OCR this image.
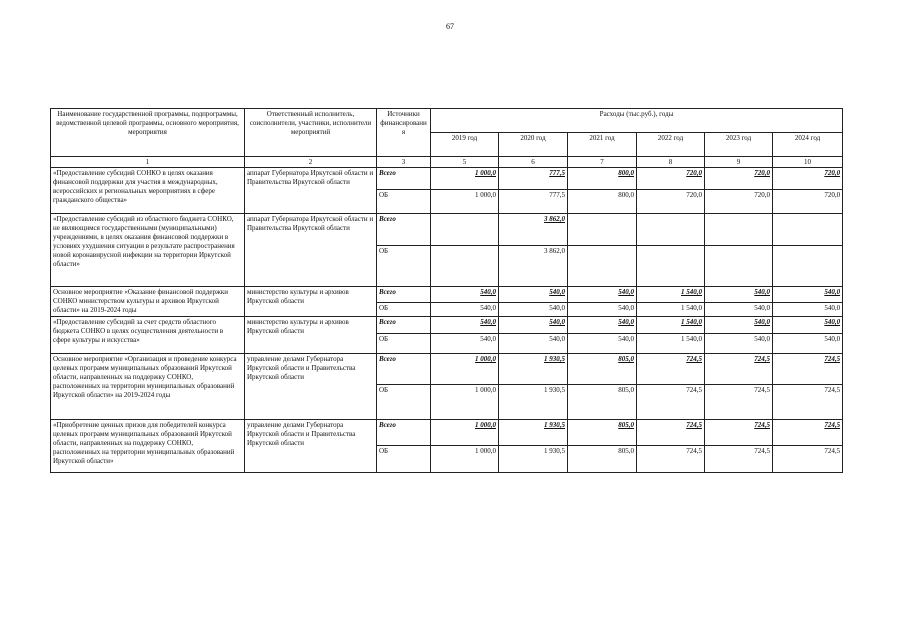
67
Наименование государственной программы, подпрограммы, ведомственной целевой программы, основного мероприятия, мероприятия	Ответственный исполнитель, соисполнители, участники, исполнители мероприятий	Источники финансировани я	Расходы (тыс.руб.), годы					
			2019 год	2020 год	2021 год	2022 год	2023 год	2024 год
1	2	3	5	6	7	8	9	10
«Предоставление субсидий СОНКО в целях оказания финансовой поддержки для участия в международных, всероссийских и региональных мероприятиях в сфере гражданского общества»	аппарат Губернатора Иркутской области и Правительства Иркутской области	Всего	1 000,0	777,5	800,0	720,0	720,0	720,0
		ОБ	1 000,0	777,5	800,0	720,0	720,0	720,0
«Предоставление субсидий из областного бюджета СОНКО, не являющимся государственными (муниципальными) учреждениями, в целях оказания финансовой поддержки в условиях ухудшения ситуации в результате распространения новой коронавирусной инфекции на территории Иркутской области»	аппарат Губернатора Иркутской области и Правительства Иркутской области	Всего		3 862,0				
		ОБ		3 862,0				
Основное мероприятие «Оказание финансовой поддержки СОНКО министерством культуры и архивов Иркутской области» на 2019-2024 годы	министерство культуры и архивов Иркутской области	Всего	540,0	540,0	540,0	1 540,0	540,0	540,0
		ОБ	540,0	540,0	540,0	1 540,0	540,0	540,0
«Предоставление субсидий за счет средств областного бюджета СОНКО в целях осуществления деятельности в сфере культуры и искусства»	министерство культуры и архивов Иркутской области	Всего	540,0	540,0	540,0	1 540,0	540,0	540,0
		ОБ	540,0	540,0	540,0	1 540,0	540,0	540,0
Основное мероприятие «Организация и проведение конкурса целевых программ муниципальных образований Иркутской области, направленных на поддержку СОНКО, расположенных на территории муниципальных образований Иркутской области» на 2019-2024 годы	управление делами Губернатора Иркутской области и Правительства Иркутской области	Всего	1 000,0	1 930,5	805,0	724,5	724,5	724,5
		ОБ	1 000,0	1 930,5	805,0	724,5	724,5	724,5
«Приобретение ценных призов для победителей конкурса целевых программ муниципальных образований Иркутской области, направленных на поддержку СОНКО, расположенных на территории муниципальных образований Иркутской области»	управление делами Губернатора Иркутской области и Правительства Иркутской области	Всего	1 000,0	1 930,5	805,0	724,5	724,5	724,5
		ОБ	1 000,0	1 930,5	805,0	724,5	724,5	724,5
